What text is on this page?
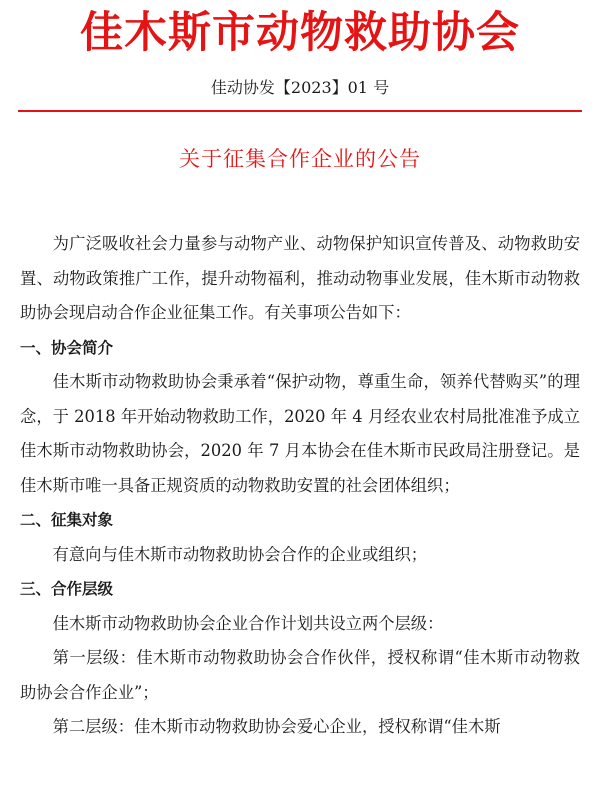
佳木斯市动物救助协会
佳动协发【2023】01 号
关于征集合作企业的公告

为广泛吸收社会力量参与动物产业、动物保护知识宣传普及、动物救助安置、动物政策推广工作，提升动物福利，推动动物事业发展，佳木斯市动物救助协会现启动合作企业征集工作。有关事项公告如下：

一、协会简介

佳木斯市动物救助协会秉承着“保护动物，尊重生命，领养代替购买”的理念，于 2018 年开始动物救助工作，2020 年 4 月经农业农村局批准准予成立佳木斯市动物救助协会，2020 年 7 月本协会在佳木斯市民政局注册登记。是佳木斯市唯一具备正规资质的动物救助安置的社会团体组织；

二、征集对象

有意向与佳木斯市动物救助协会合作的企业或组织；

三、合作层级

佳木斯市动物救助协会企业合作计划共设立两个层级：

第一层级：佳木斯市动物救助协会合作伙伴，授权称谓“佳木斯市动物救助协会合作企业”；

第二层级：佳木斯市动物救助协会爱心企业，授权称谓“佳木斯
